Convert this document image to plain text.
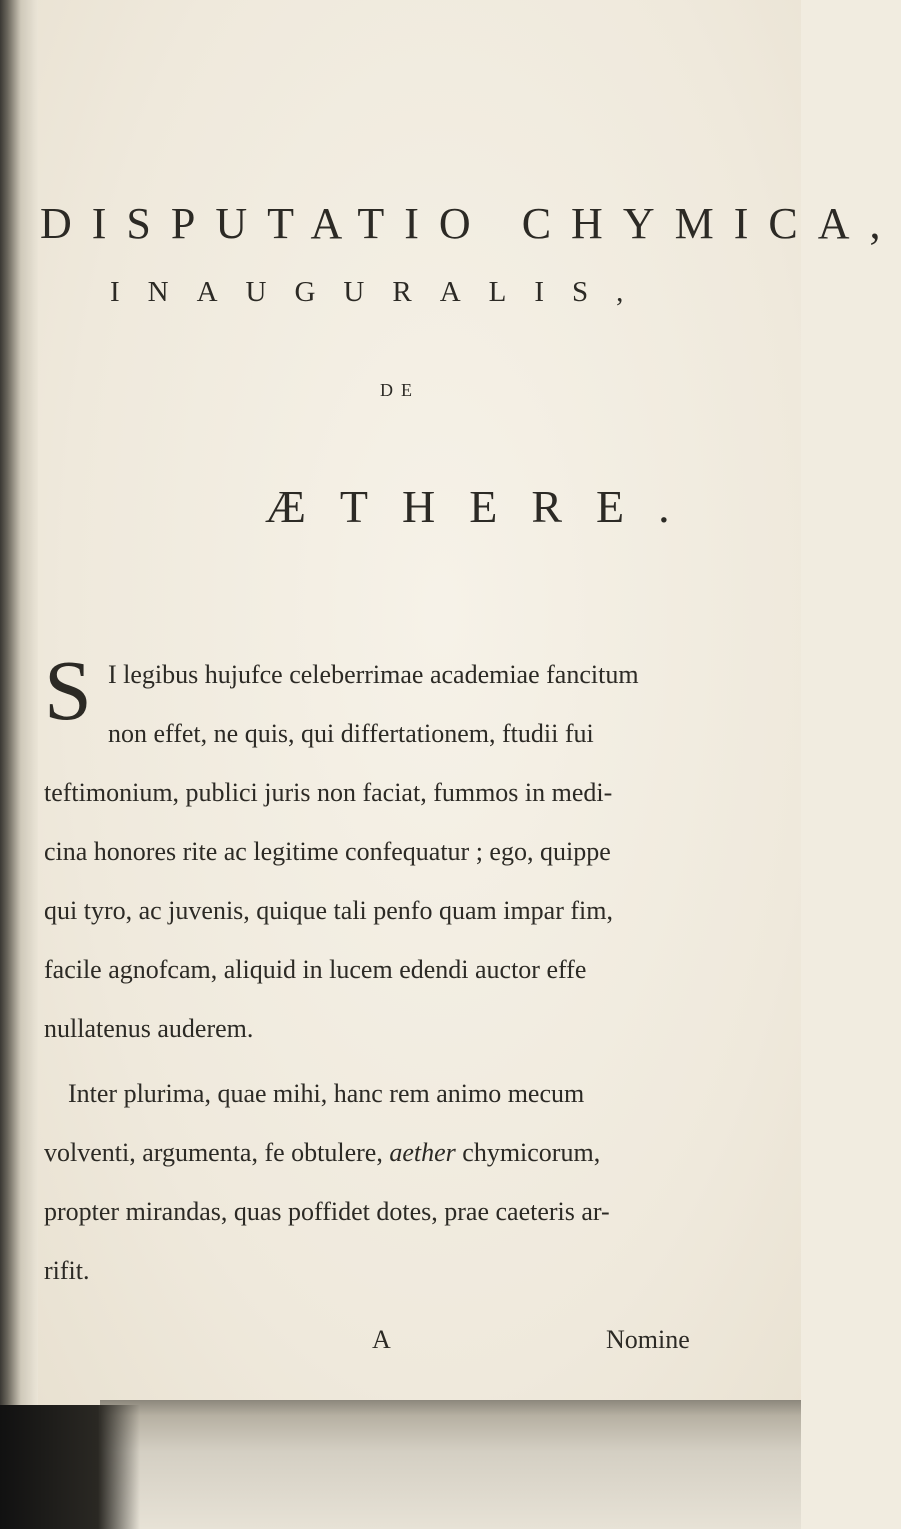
DISPUTATIO CHYMICA,
INAUGURALIS,
DE
ÆTHERE.
S I legibus hujufce celeberrimae academiae fancitum
non effet, ne quis, qui differtationem, ftudii fui
teftimonium, publici juris non faciat, fummos in medi-
cina honores rite ac legitime confequatur ; ego, quippe
qui tyro, ac juvenis, quique tali penfo quam impar fim,
facile agnofcam, aliquid in lucem edendi auctor effe
nullatenus auderem.
Inter plurima, quae mihi, hanc rem animo mecum
volventi, argumenta, fe obtulere, aether chymicorum,
propter mirandas, quas poffidet dotes, prae caeteris ar-
rifit.
A	Nomine
